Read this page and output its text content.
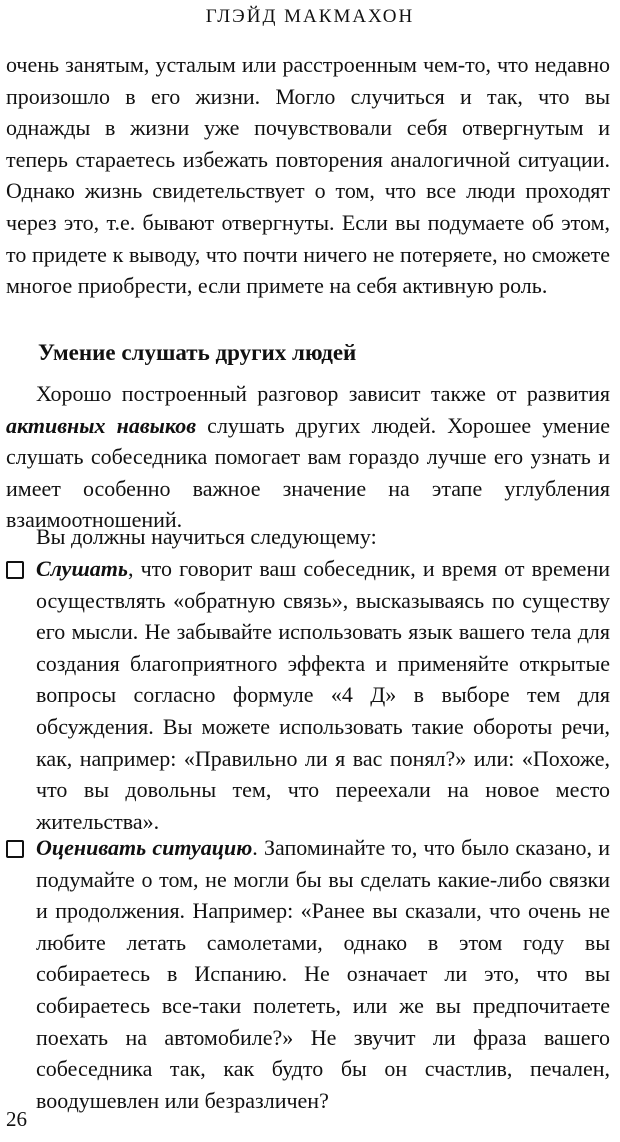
ГЛЭЙД МАКМАХОН
очень занятым, усталым или расстроенным чем-то, что недавно произошло в его жизни. Могло случиться и так, что вы однажды в жизни уже почувствовали себя отвергнутым и теперь стараетесь избежать повторения аналогичной ситуации. Однако жизнь свидетельствует о том, что все люди проходят через это, т.е. бывают отвергнуты. Если вы подумаете об этом, то придете к выводу, что почти ничего не потеряете, но сможете многое приобрести, если примете на себя активную роль.
Умение слушать других людей
Хорошо построенный разговор зависит также от развития активных навыков слушать других людей. Хорошее умение слушать собеседника помогает вам гораздо лучше его узнать и имеет особенно важное значение на этапе углубления взаимоотношений.
Вы должны научиться следующему:
Слушать, что говорит ваш собеседник, и время от времени осуществлять «обратную связь», высказываясь по существу его мысли. Не забывайте использовать язык вашего тела для создания благоприятного эффекта и применяйте открытые вопросы согласно формуле «4 Д» в выборе тем для обсуждения. Вы можете использовать такие обороты речи, как, например: «Правильно ли я вас понял?» или: «Похоже, что вы довольны тем, что переехали на новое место жительства».
Оценивать ситуацию. Запоминайте то, что было сказано, и подумайте о том, не могли бы вы сделать какие-либо связки и продолжения. Например: «Ранее вы сказали, что очень не любите летать самолетами, однако в этом году вы собираетесь в Испанию. Не означает ли это, что вы собираетесь все-таки полететь, или же вы предпочитаете поехать на автомобиле?» Не звучит ли фраза вашего собеседника так, как будто бы он счастлив, печален, воодушевлен или безразличен?
26
